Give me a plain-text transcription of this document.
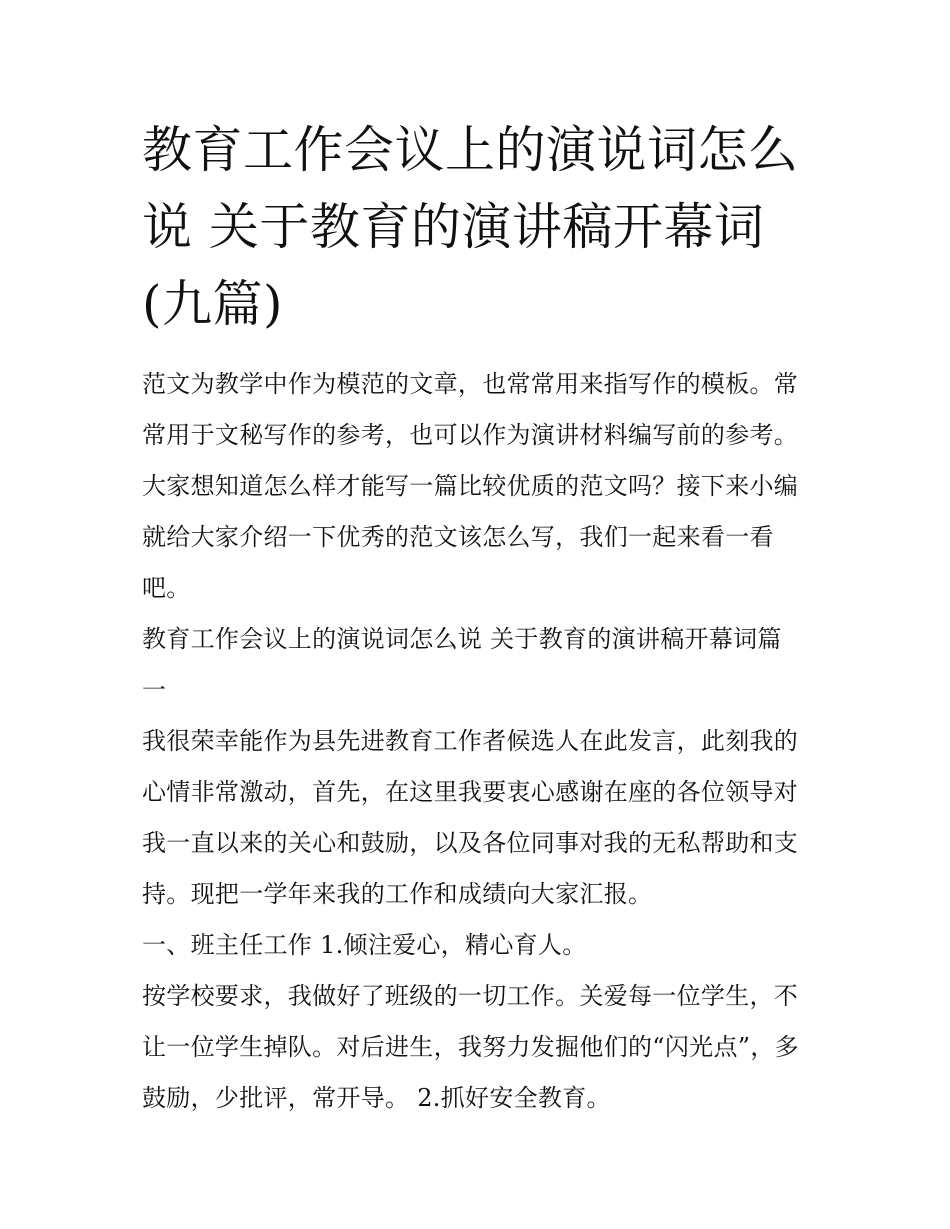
教育工作会议上的演说词怎么
说 关于教育的演讲稿开幕词
(九篇)

范文为教学中作为模范的文章，也常常用来指写作的模板。常
常用于文秘写作的参考，也可以作为演讲材料编写前的参考。
大家想知道怎么样才能写一篇比较优质的范文吗？接下来小编
就给大家介绍一下优秀的范文该怎么写，我们一起来看一看
吧。

教育工作会议上的演说词怎么说 关于教育的演讲稿开幕词篇
一

我很荣幸能作为县先进教育工作者候选人在此发言，此刻我的
心情非常激动，首先，在这里我要衷心感谢在座的各位领导对
我一直以来的关心和鼓励，以及各位同事对我的无私帮助和支
持。现把一学年来我的工作和成绩向大家汇报。

一、班主任工作 1.倾注爱心，精心育人。

按学校要求，我做好了班级的一切工作。关爱每一位学生，不
让一位学生掉队。对后进生，我努力发掘他们的“闪光点”，多
鼓励，少批评，常开导。 2.抓好安全教育。
